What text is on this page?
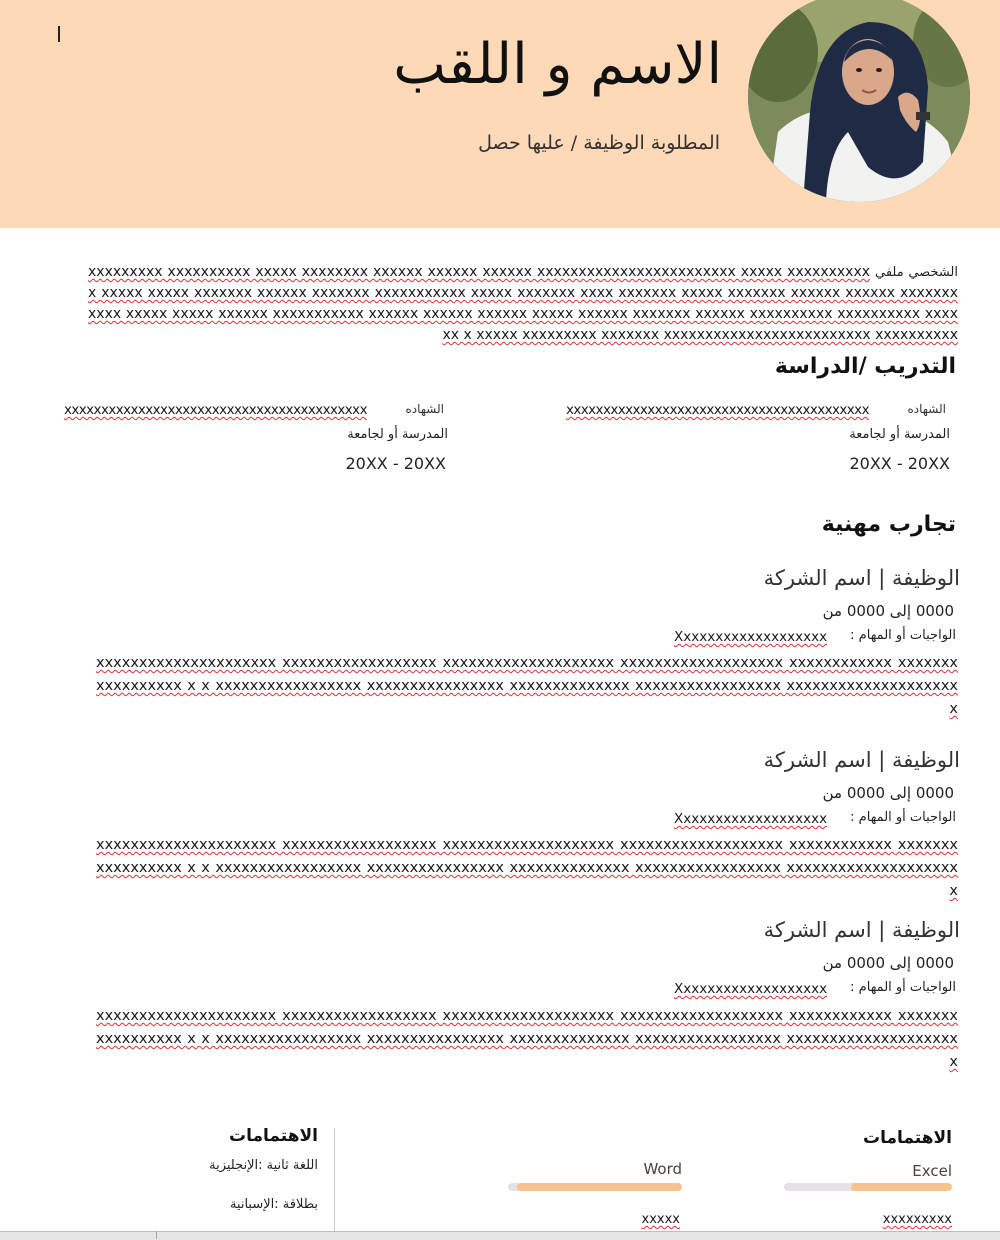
الاسم و اللقب
المطلوبة الوظيفة / عليها حصل
الشخصي ملفي xxxxxxxxx xxxxxxxxxx xxxxx xxxxxxxx xxxxxx xxxxxx xxxxxx xxxxxxxxxxxxxxxxxxxxxxxx xxxxx xxxxxxxxxxx xxxxx xxxxx xxxxxxx xxxxxx xxxxxxx xxxxxxxxxxx xxxxx xxxxxxx xxxx xxxxxxx xxxxx xxxxxxx xxxxxx xxxxxx xxxxxxxxxxx xxxxx xxxxx xxxxxx xxxxxxxxxxx xxxxxx xxxxxx xxxxxx xxxxx xxxxxx xxxxxxx xxxxxx xxxxxxxxxx xxxxxxxxxx xxxxxx x xxxxx xxxxxxxxx xxxxxxx xxxxxxxxxxxxxxxxxxxxxxxxx xxxxxxxxxx
التدريب /الدراسة
الشهاده
xxxxxxxxxxxxxxxxxxxxxxxxxxxxxxxxxxxxxxxxx
المدرسة أو لجامعة
20XX - 20XX
الشهاده
xxxxxxxxxxxxxxxxxxxxxxxxxxxxxxxxxxxxxxxxx
المدرسة أو لجامعة
20XX - 20XX
تجارب مهنية
الوظيفة | اسم الشركة
0000 إلى 0000 من
الواجبات أو المهام :
Xxxxxxxxxxxxxxxxxxx
xxxxxxxxxxxxxxxxxxxxx xxxxxxxxxxxxxxxxxx xxxxxxxxxxxxxxxxxxxx xxxxxxxxxxxxxxxxxxx xxxxxxxxxxxx xxxxxxxxxxxxxxxxx x x xxxxxxxxxxxxxxxxx xxxxxxxxxxxxxxxx xxxxxxxxxxxxxx xxxxxxxxxxxxxxxxx xxxxxxxxxxxxxxxxxxxxx
الوظيفة | اسم الشركة
0000 إلى 0000 من
الواجبات أو المهام :
Xxxxxxxxxxxxxxxxxxx
xxxxxxxxxxxxxxxxxxxxx xxxxxxxxxxxxxxxxxx xxxxxxxxxxxxxxxxxxxx xxxxxxxxxxxxxxxxxxx xxxxxxxxxxxx xxxxxxxxxxxxxxxxx x x xxxxxxxxxxxxxxxxx xxxxxxxxxxxxxxxx xxxxxxxxxxxxxx xxxxxxxxxxxxxxxxx xxxxxxxxxxxxxxxxxxxxx
الوظيفة | اسم الشركة
0000 إلى 0000 من
الواجبات أو المهام :
Xxxxxxxxxxxxxxxxxxx
xxxxxxxxxxxxxxxxxxxxx xxxxxxxxxxxxxxxxxx xxxxxxxxxxxxxxxxxxxx xxxxxxxxxxxxxxxxxxx xxxxxxxxxxxx xxxxxxxxxxxxxxxxx x x xxxxxxxxxxxxxxxxx xxxxxxxxxxxxxxxx xxxxxxxxxxxxxx xxxxxxxxxxxxxxxxx xxxxxxxxxxxxxxxxxxxxx
الاهتمامات
Excel
xxxxxxxxx
Word
xxxxx
الاهتمامات
اللغة ثانية :الإنجليزية
بطلاقة :الإسبانية
